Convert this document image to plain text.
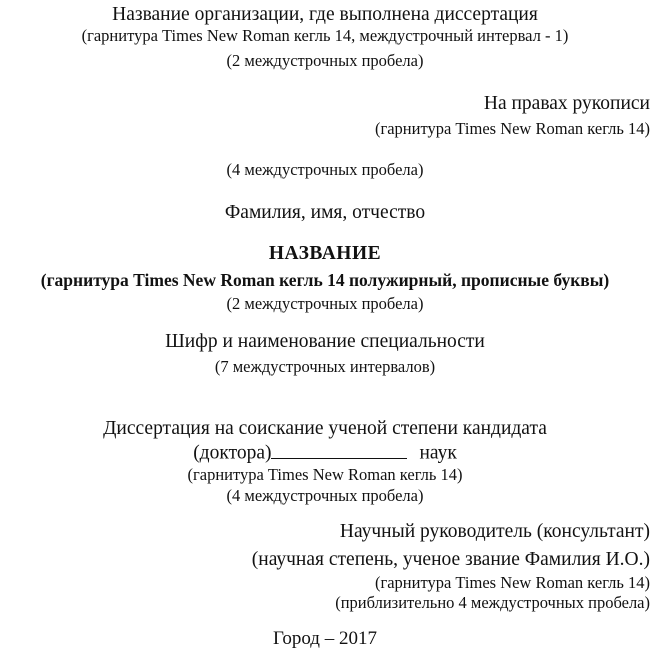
Название организации, где выполнена диссертация
(гарнитура Times New Roman кегль 14, междустрочный интервал - 1)
(2 междустрочных пробела)
На правах рукописи
(гарнитура Times New Roman кегль 14)
(4 междустрочных пробела)
Фамилия, имя, отчество
НАЗВАНИЕ
(гарнитура Times New Roman кегль 14 полужирный, прописные буквы)
(2 междустрочных пробела)
Шифр и наименование специальности
(7 междустрочных интервалов)
Диссертация на соискание ученой степени кандидата
(доктора)	наук
(гарнитура Times New Roman кегль 14)
(4 междустрочных пробела)
Научный руководитель (консультант)
(научная степень, ученое звание Фамилия И.О.)
(гарнитура Times New Roman кегль 14)
(приблизительно 4 междустрочных пробела)
Город – 2017
